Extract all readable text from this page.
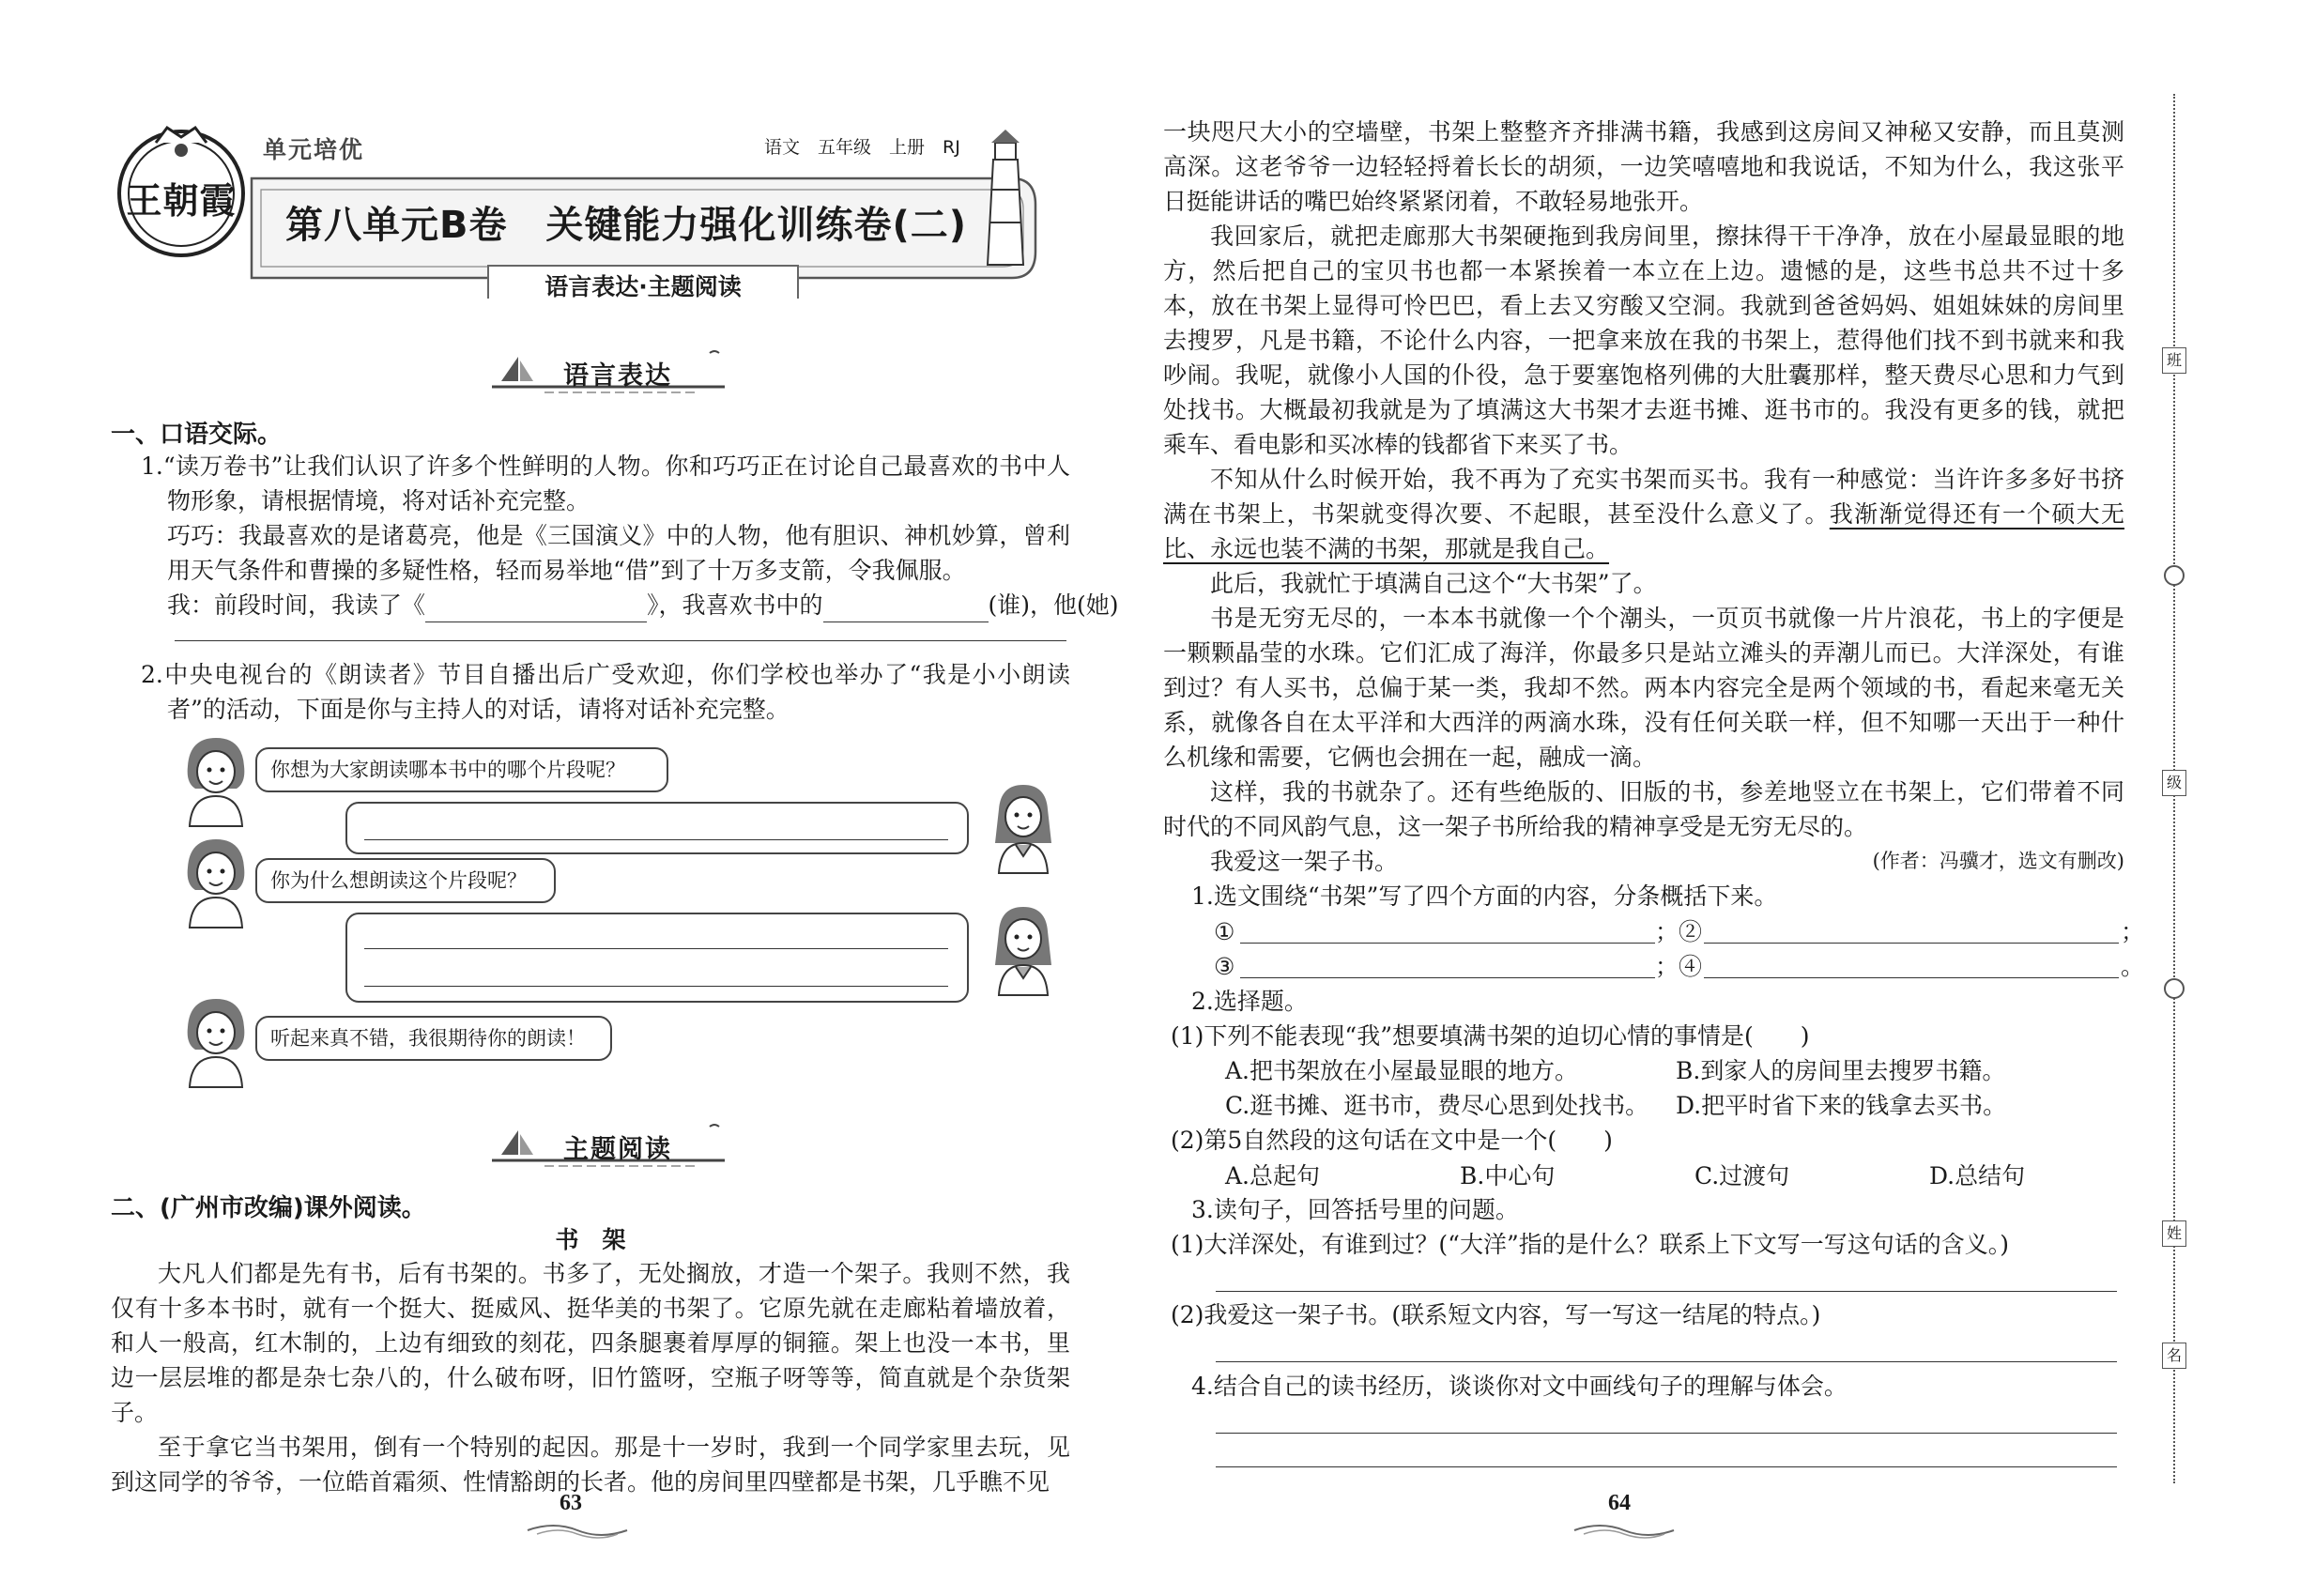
王朝霞
单元培优	语文　五年级　上册　RJ
第八单元B卷　关键能力强化训练卷(二)
语言表达·主题阅读
语言表达
一、口语交际。

1.“读万卷书”让我们认识了许多个性鲜明的人物。你和巧巧正在讨论自己最喜欢的书中人物形象，请根据情境，将对话补充完整。

巧巧：我最喜欢的是诸葛亮，他是《三国演义》中的人物，他有胆识、神机妙算，曾利用天气条件和曹操的多疑性格，轻而易举地“借”到了十万多支箭，令我佩服。

我：前段时间，我读了《	》，我喜欢书中的	(谁)，他(她)

2.中央电视台的《朗读者》节目自播出后广受欢迎，你们学校也举办了“我是小小朗读者”的活动，下面是你与主持人的对话，请将对话补充完整。

你想为大家朗读哪本书中的哪个片段呢？
你为什么想朗读这个片段呢？
听起来真不错，我很期待你的朗读！
主题阅读
二、(广州市改编)课外阅读。
书　架

大凡人们都是先有书，后有书架的。书多了，无处搁放，才造一个架子。我则不然，我仅有十多本书时，就有一个挺大、挺威风、挺华美的书架了。它原先就在走廊粘着墙放着，和人一般高，红木制的，上边有细致的刻花，四条腿裹着厚厚的铜箍。架上也没一本书，里边一层层堆的都是杂七杂八的，什么破布呀，旧竹篮呀，空瓶子呀等等，简直就是个杂货架子。

至于拿它当书架用，倒有一个特别的起因。那是十一岁时，我到一个同学家里去玩，见到这同学的爷爷，一位皓首霜须、性情豁朗的长者。他的房间里四壁都是书架，几乎瞧不见

63

一块咫尺大小的空墙壁，书架上整整齐齐排满书籍，我感到这房间又神秘又安静，而且莫测高深。这老爷爷一边轻轻捋着长长的胡须，一边笑嘻嘻地和我说话，不知为什么，我这张平日挺能讲话的嘴巴始终紧紧闭着，不敢轻易地张开。

我回家后，就把走廊那大书架硬拖到我房间里，擦抹得干干净净，放在小屋最显眼的地方，然后把自己的宝贝书也都一本紧挨着一本立在上边。遗憾的是，这些书总共不过十多本，放在书架上显得可怜巴巴，看上去又穷酸又空洞。我就到爸爸妈妈、姐姐妹妹的房间里去搜罗，凡是书籍，不论什么内容，一把拿来放在我的书架上，惹得他们找不到书就来和我吵闹。我呢，就像小人国的仆役，急于要塞饱格列佛的大肚囊那样，整天费尽心思和力气到处找书。大概最初我就是为了填满这大书架才去逛书摊、逛书市的。我没有更多的钱，就把乘车、看电影和买冰棒的钱都省下来买了书。

不知从什么时候开始，我不再为了充实书架而买书。我有一种感觉：当许许多多好书挤满在书架上，书架就变得次要、不起眼，甚至没什么意义了。我渐渐觉得还有一个硕大无比、永远也装不满的书架，那就是我自己。

此后，我就忙于填满自己这个“大书架”了。

书是无穷无尽的，一本本书就像一个个潮头，一页页书就像一片片浪花，书上的字便是一颗颗晶莹的水珠。它们汇成了海洋，你最多只是站立滩头的弄潮儿而已。大洋深处，有谁到过？有人买书，总偏于某一类，我却不然。两本内容完全是两个领域的书，看起来毫无关系，就像各自在太平洋和大西洋的两滴水珠，没有任何关联一样，但不知哪一天出于一种什么机缘和需要，它俩也会拥在一起，融成一滴。

这样，我的书就杂了。还有些绝版的、旧版的书，参差地竖立在书架上，它们带着不同时代的不同风韵气息，这一架子书所给我的精神享受是无穷无尽的。

我爱这一架子书。	(作者：冯骥才，选文有删改)

1.选文围绕“书架”写了四个方面的内容，分条概括下来。
①	；②	；
③	；④	。
2.选择题。
(1)下列不能表现“我”想要填满书架的迫切心情的事情是(　　)
A.把书架放在小屋最显眼的地方。	B.到家人的房间里去搜罗书籍。
C.逛书摊、逛书市，费尽心思到处找书。 D.把平时省下来的钱拿去买书。
(2)第5自然段的这句话在文中是一个(　　)
A.总起句	B.中心句	C.过渡句	D.总结句
3.读句子，回答括号里的问题。
(1)大洋深处，有谁到过？(“大洋”指的是什么？联系上下文写一写这句话的含义。)
(2)我爱这一架子书。(联系短文内容，写一写这一结尾的特点。)
4.结合自己的读书经历，谈谈你对文中画线句子的理解与体会。
64
班
级
姓
名
